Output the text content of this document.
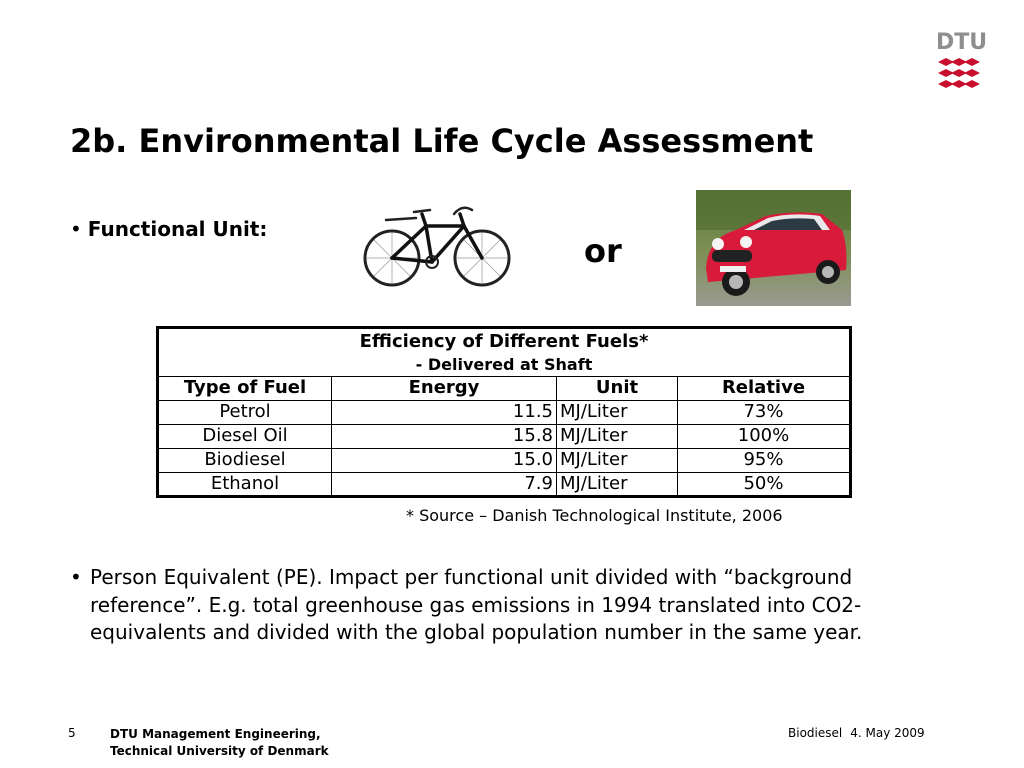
DTU
2b. Environmental Life Cycle Assessment
• Functional Unit:
or
Efficiency of Different Fuels*			
- Delivered at Shaft			
Type of Fuel	Energy	Unit	Relative
Petrol	11.5	MJ/Liter	73%
Diesel Oil	15.8	MJ/Liter	100%
Biodiesel	15.0	MJ/Liter	95%
Ethanol	7.9	MJ/Liter	50%
* Source – Danish Technological Institute, 2006
• Person Equivalent (PE). Impact per functional unit divided with “background reference”. E.g. total greenhouse gas emissions in 1994 translated into CO2-equivalents and divided with the global population number in the same year.
5	DTU Management Engineering,
Technical University of Denmark
Biodiesel 4. May 2009
